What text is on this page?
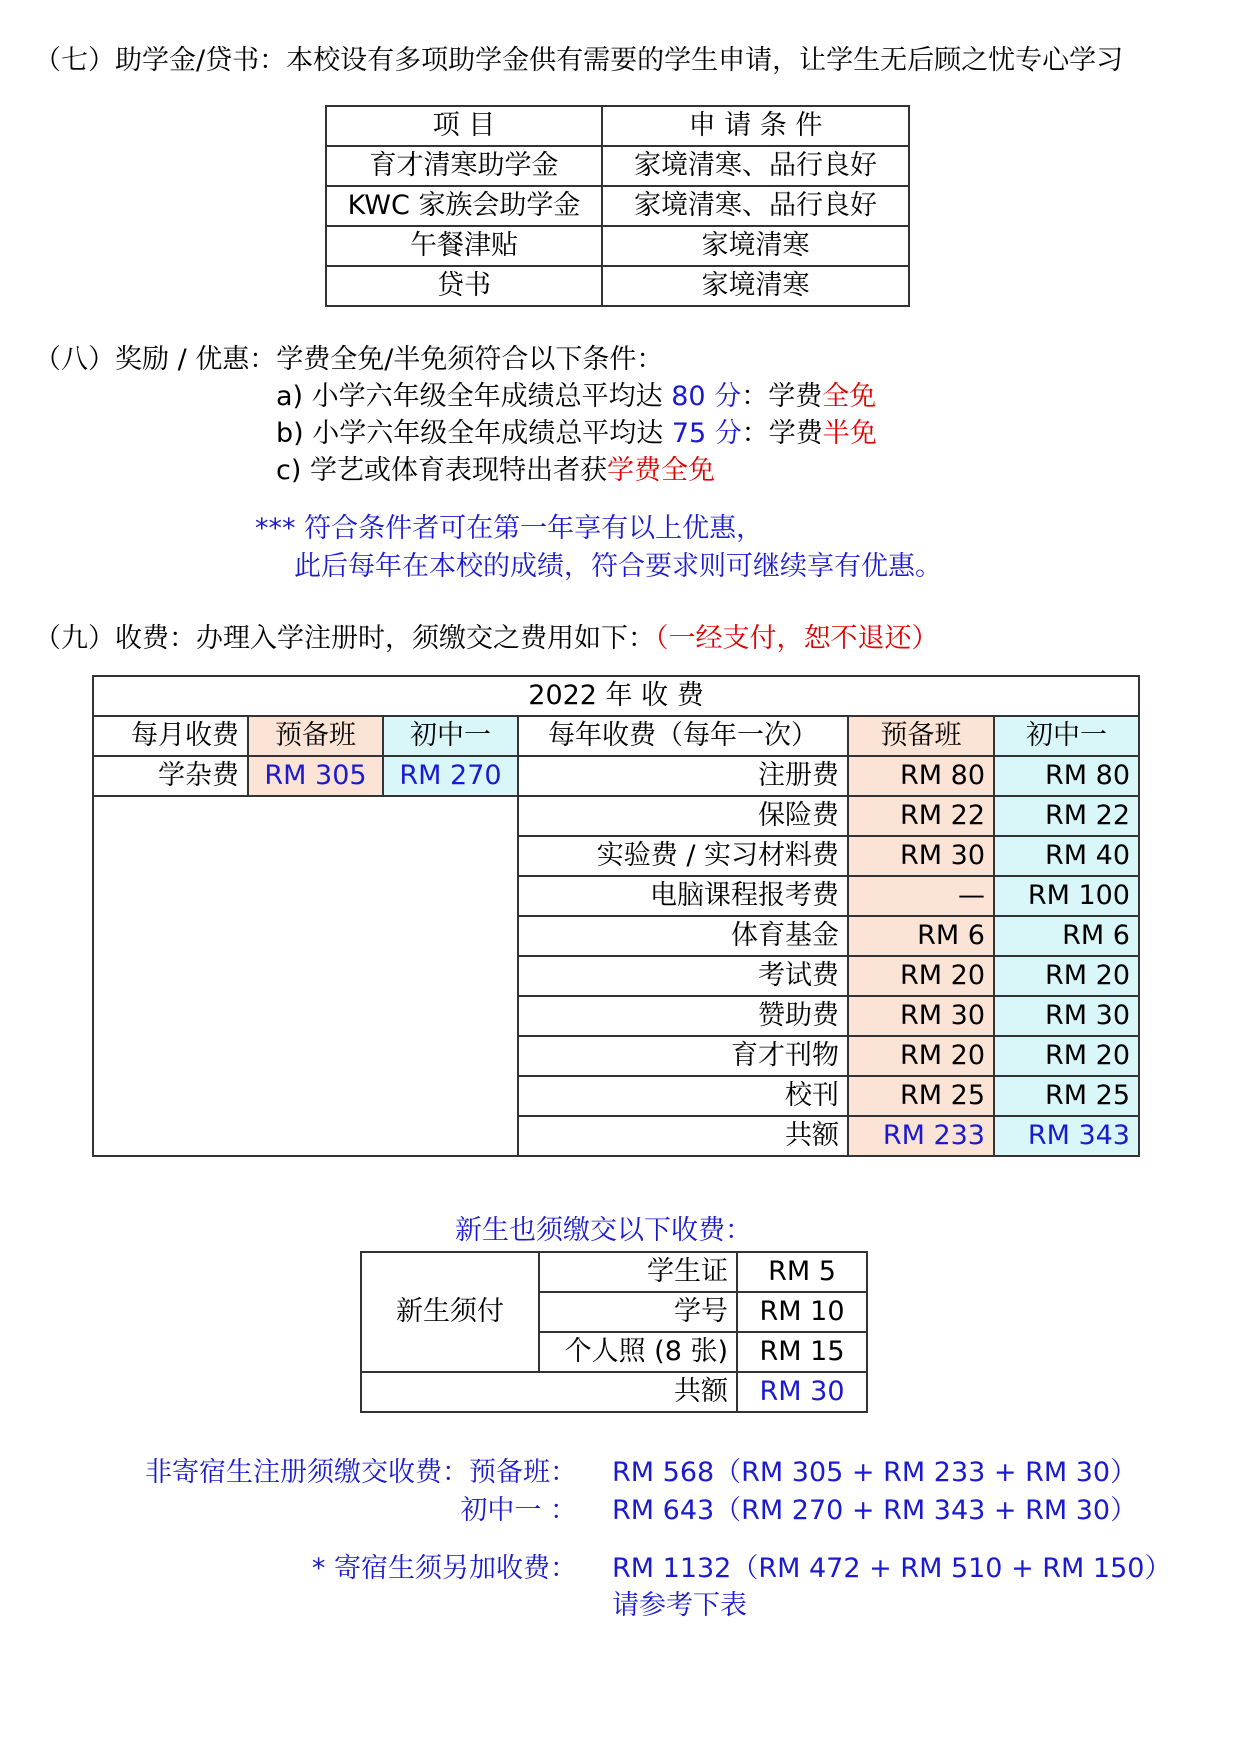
（七）助学金/贷书：本校设有多项助学金供有需要的学生申请，让学生无后顾之忧专心学习
项 目	申 请 条 件
育才清寒助学金	家境清寒、品行良好
KWC 家族会助学金	家境清寒、品行良好
午餐津贴	家境清寒
贷书	家境清寒
（八）奖励 / 优惠：学费全免/半免须符合以下条件：
a) 小学六年级全年成绩总平均达 80 分：学费全免
b) 小学六年级全年成绩总平均达 75 分：学费半免
c) 学艺或体育表现特出者获学费全免
*** 符合条件者可在第一年享有以上优惠，
此后每年在本校的成绩，符合要求则可继续享有优惠。
（九）收费：办理入学注册时，须缴交之费用如下：（一经支付，恕不退还）
2022 年 收 费					
每月收费	预备班	初中一	每年收费（每年一次）	预备班	初中一
学杂费	RM 305	RM 270	注册费	RM 80	RM 80
			保险费	RM 22	RM 22
			实验费 / 实习材料费	RM 30	RM 40
			电脑课程报考费	—	RM 100
			体育基金	RM 6	RM 6
			考试费	RM 20	RM 20
			赞助费	RM 30	RM 30
			育才刊物	RM 20	RM 20
			校刊	RM 25	RM 25
			共额	RM 233	RM 343
新生也须缴交以下收费：
新生须付	学生证	RM 5
	学号	RM 10
	个人照 (8 张)	RM 15
共额		RM 30
非寄宿生注册须缴交收费：预备班： RM 568（RM 305 + RM 233 + RM 30）
初中一 ： RM 643（RM 270 + RM 343 + RM 30）
* 寄宿生须另加收费： RM 1132（RM 472 + RM 510 + RM 150）
请参考下表
